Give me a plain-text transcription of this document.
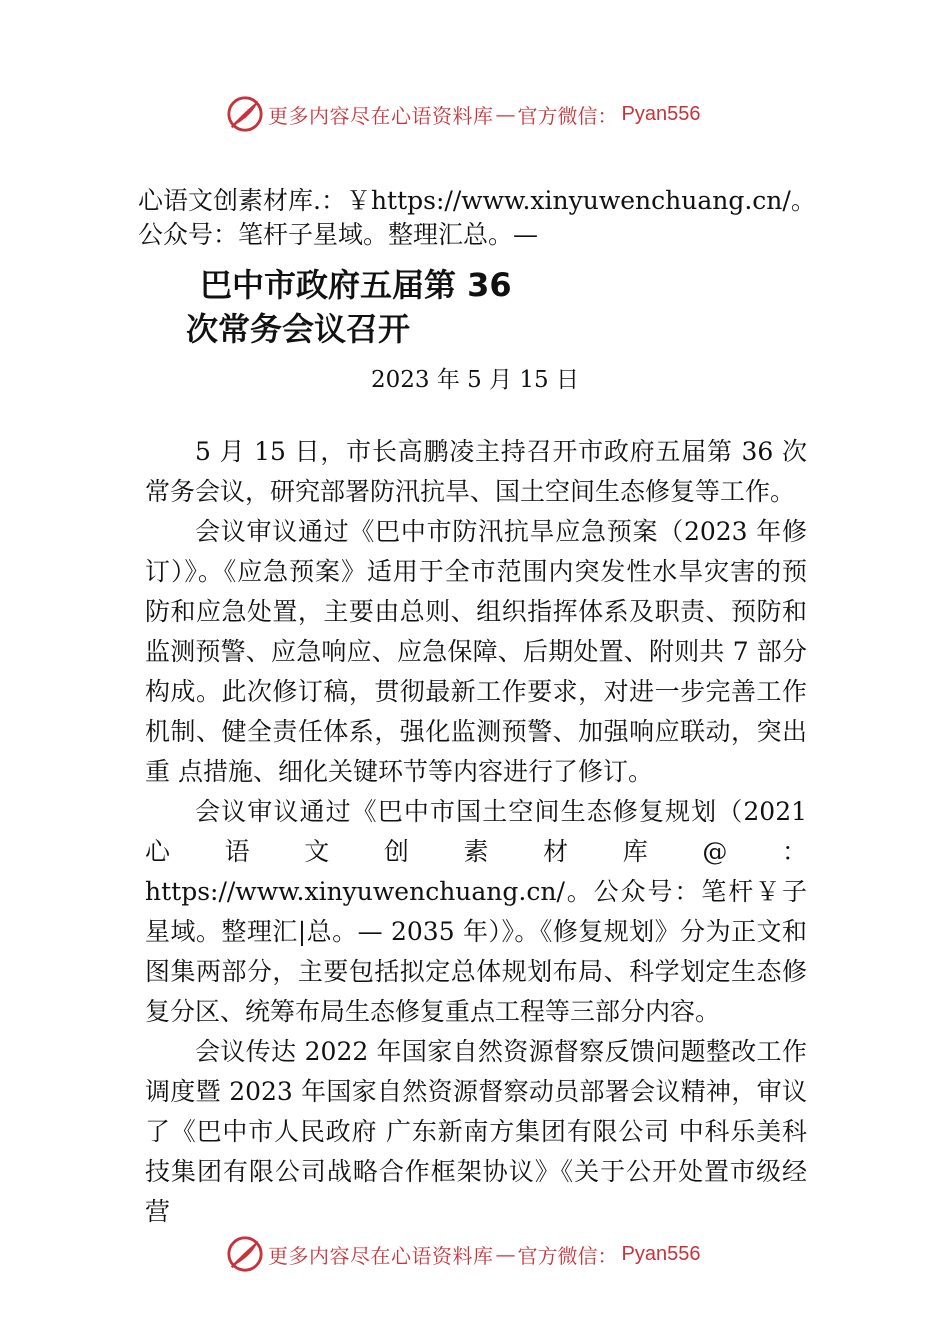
更多内容尽在心语资料库 — 官方微信： Pyan556
心语文创素材库.：￥https://www.xinyuwenchuang.cn/。公众号：笔杆子星域。整理汇总。—
巴中市政府五届第 36
次常务会议召开
2023 年 5 月 15 日

5 月 15 日，市长高鹏凌主持召开市政府五届第 36 次常务会议，研究部署防汛抗旱、国土空间生态修复等工作。

会议审议通过《巴中市防汛抗旱应急预案（2023 年修订）》。《应急预案》适用于全市范围内突发性水旱灾害的预防和应急处置，主要由总则、组织指挥体系及职责、预防和监测预警、应急响应、应急保障、后期处置、附则共 7 部分构成。此次修订稿，贯彻最新工作要求，对进一步完善工作机制、健全责任体系，强化监测预警、加强响应联动，突出重 点措施、细化关键环节等内容进行了修订。

会议审议通过《巴中市国土空间生态修复规划（2021心语文创素材库@：https://www.xinyuwenchuang.cn/。公众号：笔杆￥子星域。整理汇|总。— 2035 年）》。《修复规划》分为正文和图集两部分，主要包括拟定总体规划布局、科学划定生态修复分区、统筹布局生态修复重点工程等三部分内容。

会议传达 2022 年国家自然资源督察反馈问题整改工作调度暨 2023 年国家自然资源督察动员部署会议精神，审议了《巴中市人民政府 广东新南方集团有限公司 中科乐美科技集团有限公司战略合作框架协议》《关于公开处置市级经 营

更多内容尽在心语资料库 — 官方微信： Pyan556
